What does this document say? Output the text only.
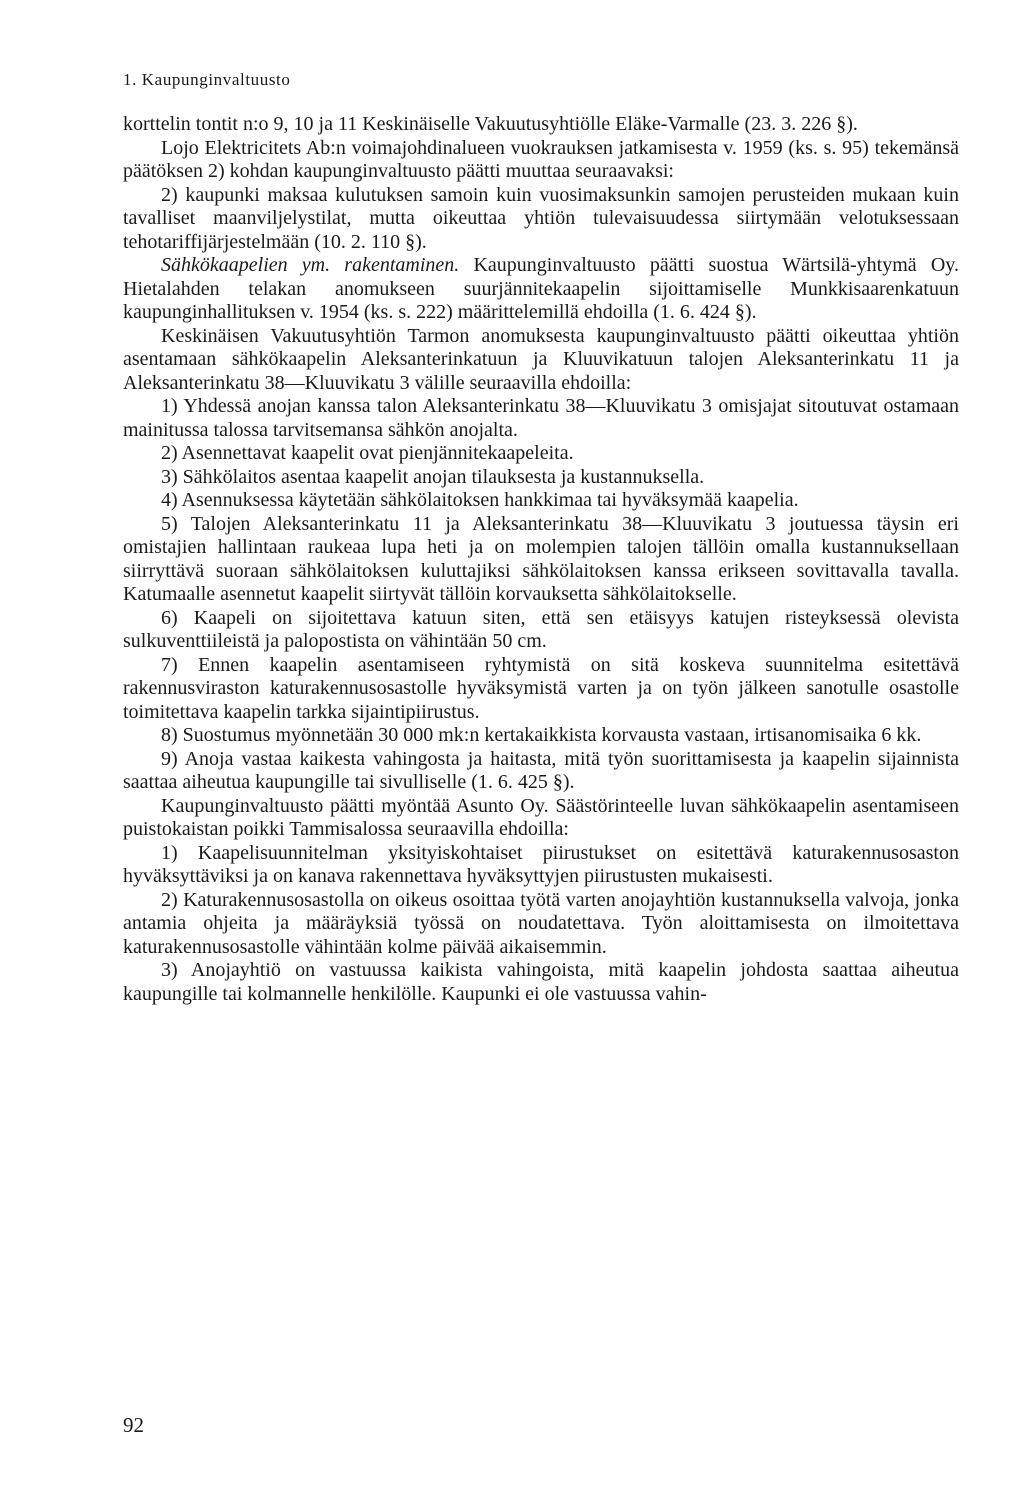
1. Kaupunginvaltuusto

korttelin tontit n:o 9, 10 ja 11 Keskinäiselle Vakuutusyhtiölle Eläke-Varmalle (23. 3. 226 §).

Lojo Elektricitets Ab:n voimajohdinalueen vuokrauksen jatkamisesta v. 1959 (ks. s. 95) tekemänsä päätöksen 2) kohdan kaupunginvaltuusto päätti muuttaa seuraavaksi:

2) kaupunki maksaa kulutuksen samoin kuin vuosimaksunkin samojen perusteiden mukaan kuin tavalliset maanviljelystilat, mutta oikeuttaa yhtiön tulevaisuudessa siirtymään velotuksessaan tehotariffijärjestelmään (10. 2. 110 §).

Sähkökaapelien ym. rakentaminen. Kaupunginvaltuusto päätti suostua Wärtsilä-yhtymä Oy. Hietalahden telakan anomukseen suurjännitekaapelin sijoittamiselle Munkkisaarenkatuun kaupunginhallituksen v. 1954 (ks. s. 222) määrittelemillä ehdoilla (1. 6. 424 §).

Keskinäisen Vakuutusyhtiön Tarmon anomuksesta kaupunginvaltuusto päätti oikeuttaa yhtiön asentamaan sähkökaapelin Aleksanterinkatuun ja Kluuvikatuun talojen Aleksanterinkatu 11 ja Aleksanterinkatu 38—Kluuvikatu 3 välille seuraavilla ehdoilla:

1) Yhdessä anojan kanssa talon Aleksanterinkatu 38—Kluuvikatu 3 omisjajat sitoutuvat ostamaan mainitussa talossa tarvitsemansa sähkön anojalta.

2) Asennettavat kaapelit ovat pienjännitekaapeleita.

3) Sähkölaitos asentaa kaapelit anojan tilauksesta ja kustannuksella.

4) Asennuksessa käytetään sähkölaitoksen hankkimaa tai hyväksymää kaapelia.

5) Talojen Aleksanterinkatu 11 ja Aleksanterinkatu 38—Kluuvikatu 3 joutuessa täysin eri omistajien hallintaan raukeaa lupa heti ja on molempien talojen tällöin omalla kustannuksellaan siirryttävä suoraan sähkölaitoksen kuluttajiksi sähkölaitoksen kanssa erikseen sovittavalla tavalla. Katumaalle asennetut kaapelit siirtyvät tällöin korvauksetta sähkölaitokselle.

6) Kaapeli on sijoitettava katuun siten, että sen etäisyys katujen risteyksessä olevista sulkuventtiileistä ja palopostista on vähintään 50 cm.

7) Ennen kaapelin asentamiseen ryhtymistä on sitä koskeva suunnitelma esitettävä rakennusviraston katurakennusosastolle hyväksymistä varten ja on työn jälkeen sanotulle osastolle toimitettava kaapelin tarkka sijaintipiirustus.

8) Suostumus myönnetään 30 000 mk:n kertakaikkista korvausta vastaan, irtisanomisaika 6 kk.

9) Anoja vastaa kaikesta vahingosta ja haitasta, mitä työn suorittamisesta ja kaapelin sijainnista saattaa aiheutua kaupungille tai sivulliselle (1. 6. 425 §).

Kaupunginvaltuusto päätti myöntää Asunto Oy. Säästörinteelle luvan sähkökaapelin asentamiseen puistokaistan poikki Tammisalossa seuraavilla ehdoilla:

1) Kaapelisuunnitelman yksityiskohtaiset piirustukset on esitettävä katurakennusosaston hyväksyttäviksi ja on kanava rakennettava hyväksyttyjen piirustusten mukaisesti.

2) Katurakennusosastolla on oikeus osoittaa työtä varten anojayhtiön kustannuksella valvoja, jonka antamia ohjeita ja määräyksiä työssä on noudatettava. Työn aloittamisesta on ilmoitettava katurakennusosastolle vähintään kolme päivää aikaisemmin.

3) Anojayhtiö on vastuussa kaikista vahingoista, mitä kaapelin johdosta saattaa aiheutua kaupungille tai kolmannelle henkilölle. Kaupunki ei ole vastuussa vahin-

92
